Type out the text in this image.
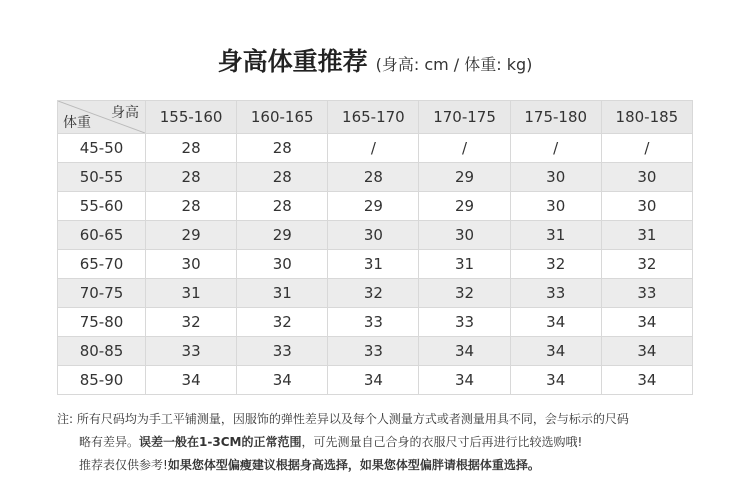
身高体重推荐 (身高: cm / 体重: kg)
身高
体重	155-160	160-165	165-170	170-175	175-180	180-185
45-50	28	28	/	/	/	/
50-55	28	28	28	29	30	30
55-60	28	28	29	29	30	30
60-65	29	29	30	30	31	31
65-70	30	30	31	31	32	32
70-75	31	31	32	32	33	33
75-80	32	32	33	33	34	34
80-85	33	33	33	34	34	34
85-90	34	34	34	34	34	34
注: 所有尺码均为手工平铺测量，因服饰的弹性差异以及每个人测量方式或者测量用具不同，会与标示的尺码
略有差异。误差一般在1-3CM的正常范围，可先测量自己合身的衣服尺寸后再进行比较选购哦!
推荐表仅供参考!如果您体型偏瘦建议根据身高选择，如果您体型偏胖请根据体重选择。
